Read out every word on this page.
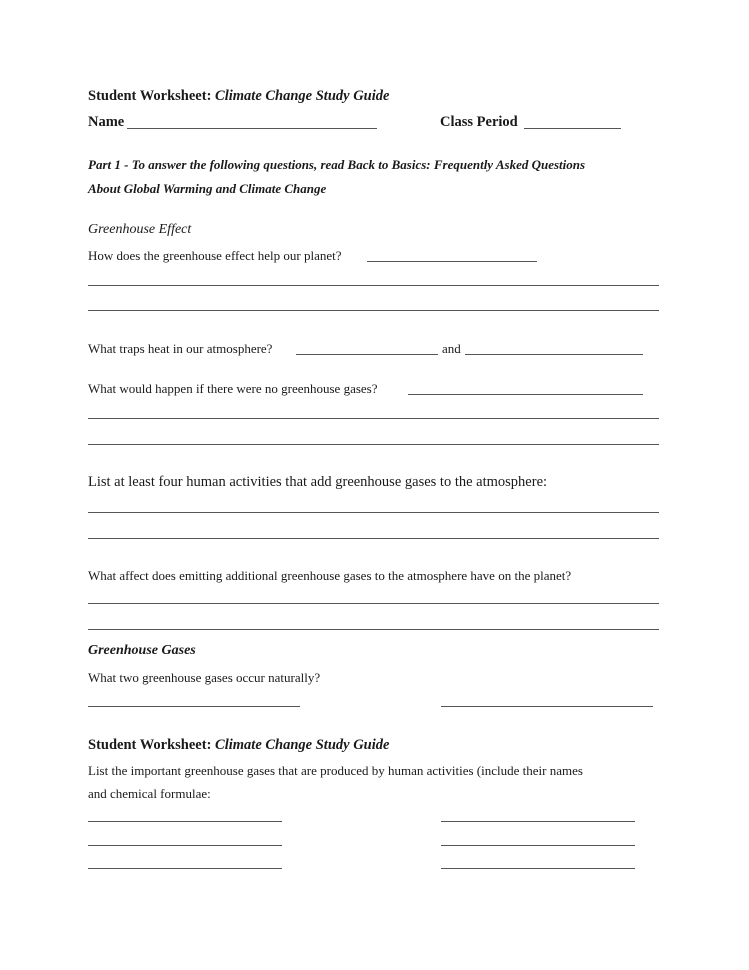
Student Worksheet: Climate Change Study Guide
Name	Class Period
Part 1 - To answer the following questions, read Back to Basics: Frequently Asked Questions
About Global Warming and Climate Change
Greenhouse Effect
How does the greenhouse effect help our planet?
What traps heat in our atmosphere?	and
What would happen if there were no greenhouse gases?
List at least four human activities that add greenhouse gases to the atmosphere:
What affect does emitting additional greenhouse gases to the atmosphere have on the planet?
Greenhouse Gases
What two greenhouse gases occur naturally?
Student Worksheet: Climate Change Study Guide
List the important greenhouse gases that are produced by human activities (include their names
and chemical formulae:
